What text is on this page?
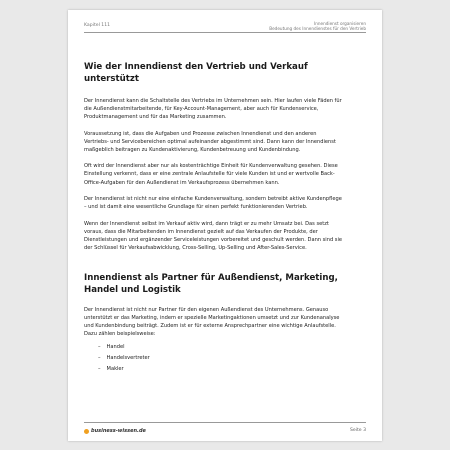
Kapitel 111	Innendienst organisieren
Bedeutung des Innendienstes für den Vertrieb
Wie der Innendienst den Vertrieb und Verkauf unterstützt

Der Innendienst kann die Schaltstelle des Vertriebs im Unternehmen sein. Hier laufen viele Fäden für die Außendienstmitarbeitende, für Key-Account-Management, aber auch für Kundenservice, Produktmanagement und für das Marketing zusammen.

Voraussetzung ist, dass die Aufgaben und Prozesse zwischen Innendienst und den anderen Vertriebs- und Servicebereichen optimal aufeinander abgestimmt sind. Dann kann der Innendienst maßgeblich beitragen zu Kundenaktivierung, Kundenbetreuung und Kundenbindung.

Oft wird der Innendienst aber nur als kostenträchtige Einheit für Kundenverwaltung gesehen. Diese Einstellung verkennt, dass er eine zentrale Anlaufstelle für viele Kunden ist und er wertvolle Back-Office-Aufgaben für den Außendienst im Verkaufsprozess übernehmen kann.

Der Innendienst ist nicht nur eine einfache Kundenverwaltung, sondern betreibt aktive Kundenpflege – und ist damit eine wesentliche Grundlage für einen perfekt funktionierenden Vertrieb.

Wenn der Innendienst selbst im Verkauf aktiv wird, dann trägt er zu mehr Umsatz bei. Das setzt voraus, dass die Mitarbeitenden im Innendienst gezielt auf das Verkaufen der Produkte, der Dienstleistungen und ergänzender Serviceleistungen vorbereitet und geschult werden. Dann sind sie der Schlüssel für Verkaufsabwicklung, Cross-Selling, Up-Selling und After-Sales-Service.

Innendienst als Partner für Außendienst, Marketing, Handel und Logistik

Der Innendienst ist nicht nur Partner für den eigenen Außendienst des Unternehmens. Genauso unterstützt er das Marketing, indem er spezielle Marketingaktionen umsetzt und zur Kundenanalyse und Kundenbindung beiträgt. Zudem ist er für externe Ansprechpartner eine wichtige Anlaufstelle. Dazu zählen beispielsweise:

– Handel
– Handelsvertreter
– Makler
business-wissen.de	Seite 3
